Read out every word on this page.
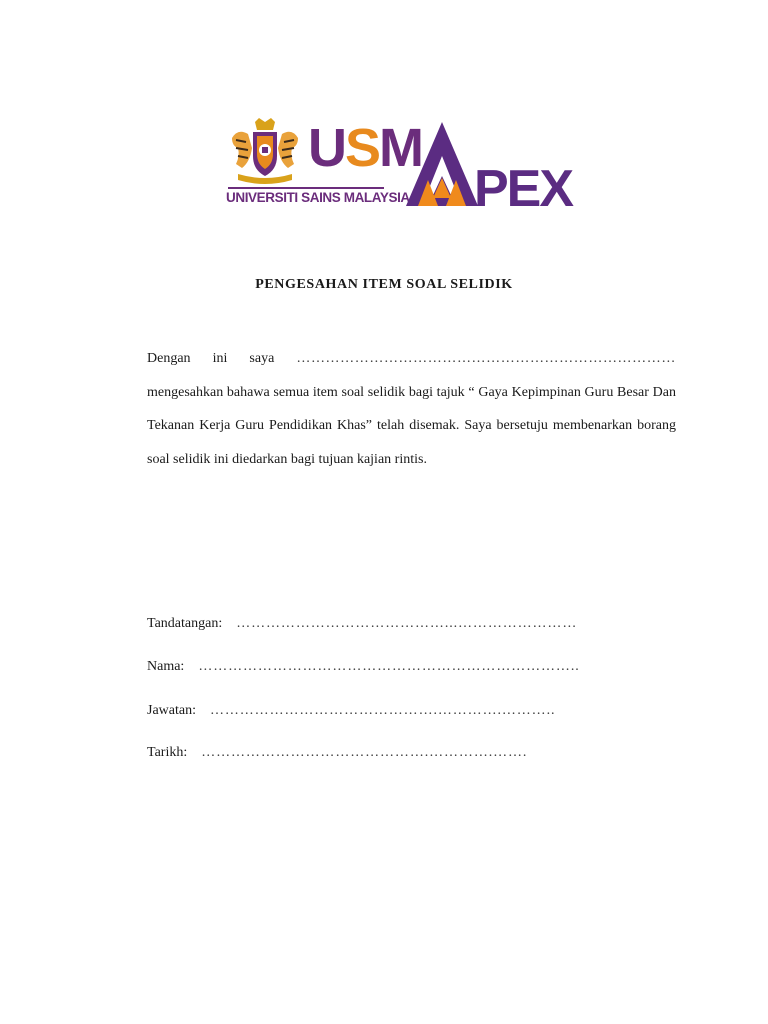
USM
UNIVERSITI SAINS MALAYSIA PEX
PENGESAHAN ITEM SOAL SELIDIK
Dengan ini saya ……………………………………………………………………

mengesahkan bahawa semua item soal selidik bagi tajuk “ Gaya Kepimpinan Guru Besar Dan Tekanan Kerja Guru Pendidikan Khas” telah disemak. Saya bersetuju membenarkan borang soal selidik ini diedarkan bagi tujuan kajian rintis.

Tandatangan: ……………………………………...……………………
Nama: …………………………………………………………………..
Jawatan: ……………………………………….………….………..
Tarikh: ……………………………………….………….…….
